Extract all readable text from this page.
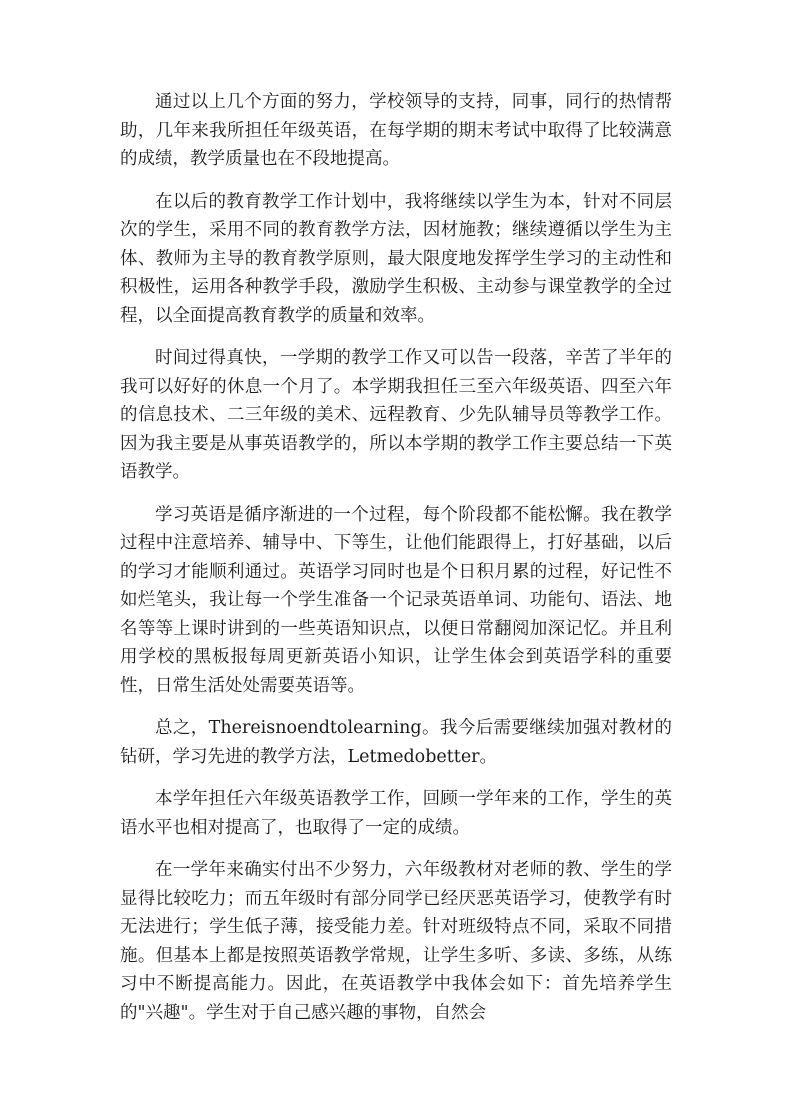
通过以上几个方面的努力，学校领导的支持，同事，同行的热情帮助，几年来我所担任年级英语，在每学期的期末考试中取得了比较满意的成绩，教学质量也在不段地提高。

在以后的教育教学工作计划中，我将继续以学生为本，针对不同层次的学生，采用不同的教育教学方法，因材施教；继续遵循以学生为主体、教师为主导的教育教学原则，最大限度地发挥学生学习的主动性和积极性，运用各种教学手段，激励学生积极、主动参与课堂教学的全过程，以全面提高教育教学的质量和效率。

时间过得真快，一学期的教学工作又可以告一段落，辛苦了半年的我可以好好的休息一个月了。本学期我担任三至六年级英语、四至六年的信息技术、二三年级的美术、远程教育、少先队辅导员等教学工作。因为我主要是从事英语教学的，所以本学期的教学工作主要总结一下英语教学。

学习英语是循序渐进的一个过程，每个阶段都不能松懈。我在教学过程中注意培养、辅导中、下等生，让他们能跟得上，打好基础，以后的学习才能顺利通过。英语学习同时也是个日积月累的过程，好记性不如烂笔头，我让每一个学生准备一个记录英语单词、功能句、语法、地名等等上课时讲到的一些英语知识点，以便日常翻阅加深记忆。并且利用学校的黑板报每周更新英语小知识，让学生体会到英语学科的重要性，日常生活处处需要英语等。

总之，Thereisnoendtolearning。我今后需要继续加强对教材的钻研，学习先进的教学方法，Letmedobetter。

本学年担任六年级英语教学工作，回顾一学年来的工作，学生的英语水平也相对提高了，也取得了一定的成绩。

在一学年来确实付出不少努力，六年级教材对老师的教、学生的学显得比较吃力；而五年级时有部分同学已经厌恶英语学习，使教学有时无法进行；学生低子薄，接受能力差。针对班级特点不同，采取不同措施。但基本上都是按照英语教学常规，让学生多听、多读、多练，从练习中不断提高能力。因此，在英语教学中我体会如下：首先培养学生的"兴趣"。学生对于自己感兴趣的事物，自然会
